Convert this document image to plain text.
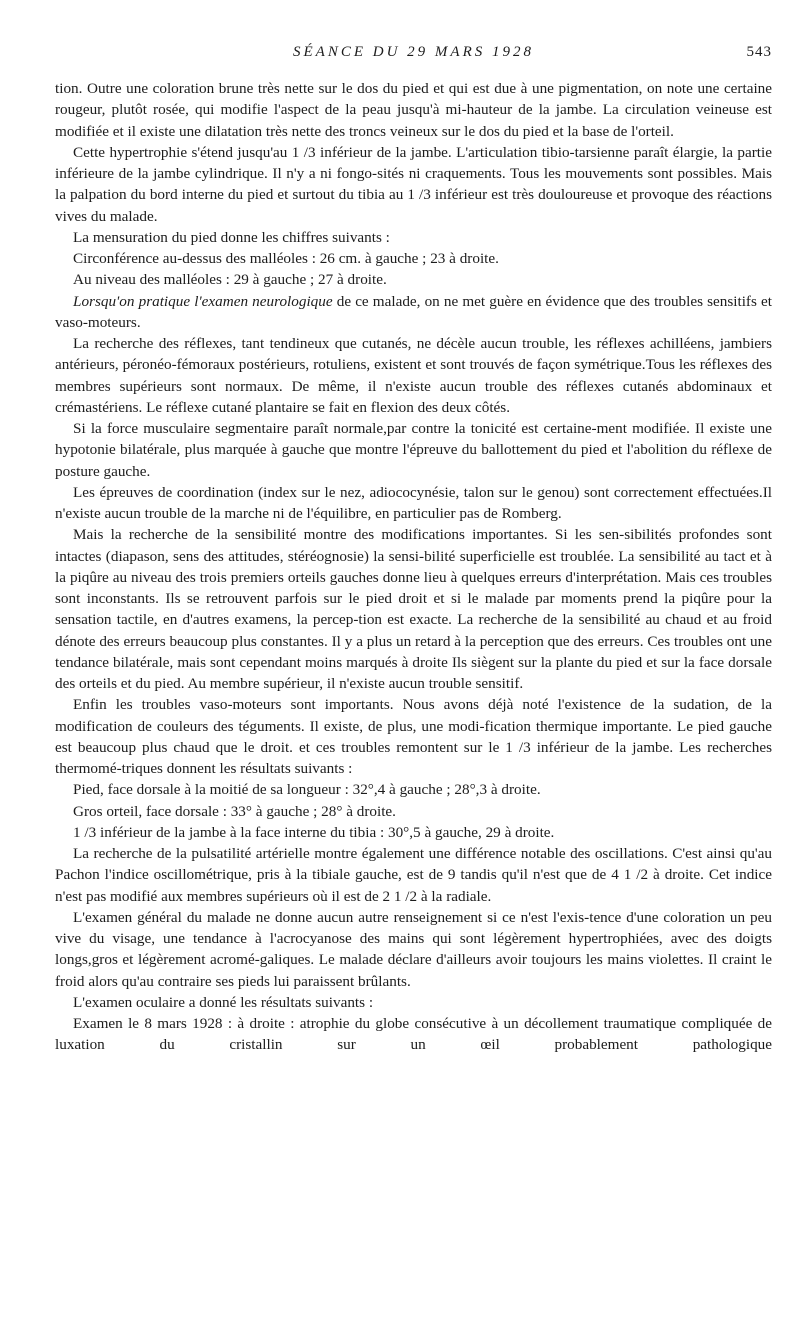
SÉANCE DU 29 MARS 1928	543

tion. Outre une coloration brune très nette sur le dos du pied et qui est due à une pigmentation, on note une certaine rougeur, plutôt rosée, qui modifie l'aspect de la peau jusqu'à mi-hauteur de la jambe. La circulation veineuse est modifiée et il existe une dilatation très nette des troncs veineux sur le dos du pied et la base de l'orteil.

Cette hypertrophie s'étend jusqu'au 1 /3 inférieur de la jambe. L'articulation tibio-tarsienne paraît élargie, la partie inférieure de la jambe cylindrique. Il n'y a ni fongo-sités ni craquements. Tous les mouvements sont possibles. Mais la palpation du bord interne du pied et surtout du tibia au 1 /3 inférieur est très douloureuse et provoque des réactions vives du malade.

La mensuration du pied donne les chiffres suivants :

Circonférence au-dessus des malléoles : 26 cm. à gauche ; 23 à droite.

Au niveau des malléoles : 29 à gauche ; 27 à droite.

Lorsqu'on pratique l'examen neurologique de ce malade, on ne met guère en évidence que des troubles sensitifs et vaso-moteurs.

La recherche des réflexes, tant tendineux que cutanés, ne décèle aucun trouble, les réflexes achilléens, jambiers antérieurs, péronéo-fémoraux postérieurs, rotuliens, existent et sont trouvés de façon symétrique.Tous les réflexes des membres supérieurs sont normaux. De même, il n'existe aucun trouble des réflexes cutanés abdominaux et crémastériens. Le réflexe cutané plantaire se fait en flexion des deux côtés.

Si la force musculaire segmentaire paraît normale,par contre la tonicité est certaine-ment modifiée. Il existe une hypotonie bilatérale, plus marquée à gauche que montre l'épreuve du ballottement du pied et l'abolition du réflexe de posture gauche.

Les épreuves de coordination (index sur le nez, adiococynésie, talon sur le genou) sont correctement effectuées.Il n'existe aucun trouble de la marche ni de l'équilibre, en particulier pas de Romberg.

Mais la recherche de la sensibilité montre des modifications importantes. Si les sen-sibilités profondes sont intactes (diapason, sens des attitudes, stéréognosie) la sensi-bilité superficielle est troublée. La sensibilité au tact et à la piqûre au niveau des trois premiers orteils gauches donne lieu à quelques erreurs d'interprétation. Mais ces troubles sont inconstants. Ils se retrouvent parfois sur le pied droit et si le malade par moments prend la piqûre pour la sensation tactile, en d'autres examens, la percep-tion est exacte. La recherche de la sensibilité au chaud et au froid dénote des erreurs beaucoup plus constantes. Il y a plus un retard à la perception que des erreurs. Ces troubles ont une tendance bilatérale, mais sont cependant moins marqués à droite Ils siègent sur la plante du pied et sur la face dorsale des orteils et du pied. Au membre supérieur, il n'existe aucun trouble sensitif.

Enfin les troubles vaso-moteurs sont importants. Nous avons déjà noté l'existence de la sudation, de la modification de couleurs des téguments. Il existe, de plus, une modi-fication thermique importante. Le pied gauche est beaucoup plus chaud que le droit. et ces troubles remontent sur le 1 /3 inférieur de la jambe. Les recherches thermomé-triques donnent les résultats suivants :

Pied, face dorsale à la moitié de sa longueur : 32°,4 à gauche ; 28°,3 à droite.

Gros orteil, face dorsale : 33° à gauche ; 28° à droite.

1 /3 inférieur de la jambe à la face interne du tibia : 30°,5 à gauche, 29 à droite.

La recherche de la pulsatilité artérielle montre également une différence notable des oscillations. C'est ainsi qu'au Pachon l'indice oscillométrique, pris à la tibiale gauche, est de 9 tandis qu'il n'est que de 4 1 /2 à droite. Cet indice n'est pas modifié aux membres supérieurs où il est de 2 1 /2 à la radiale.

L'examen général du malade ne donne aucun autre renseignement si ce n'est l'exis-tence d'une coloration un peu vive du visage, une tendance à l'acrocyanose des mains qui sont légèrement hypertrophiées, avec des doigts longs,gros et légèrement acromé-galiques. Le malade déclare d'ailleurs avoir toujours les mains violettes. Il craint le froid alors qu'au contraire ses pieds lui paraissent brûlants.

L'examen oculaire a donné les résultats suivants :

Examen le 8 mars 1928 : à droite : atrophie du globe consécutive à un décollement traumatique compliquée de luxation du cristallin sur un œil probablement pathologique
